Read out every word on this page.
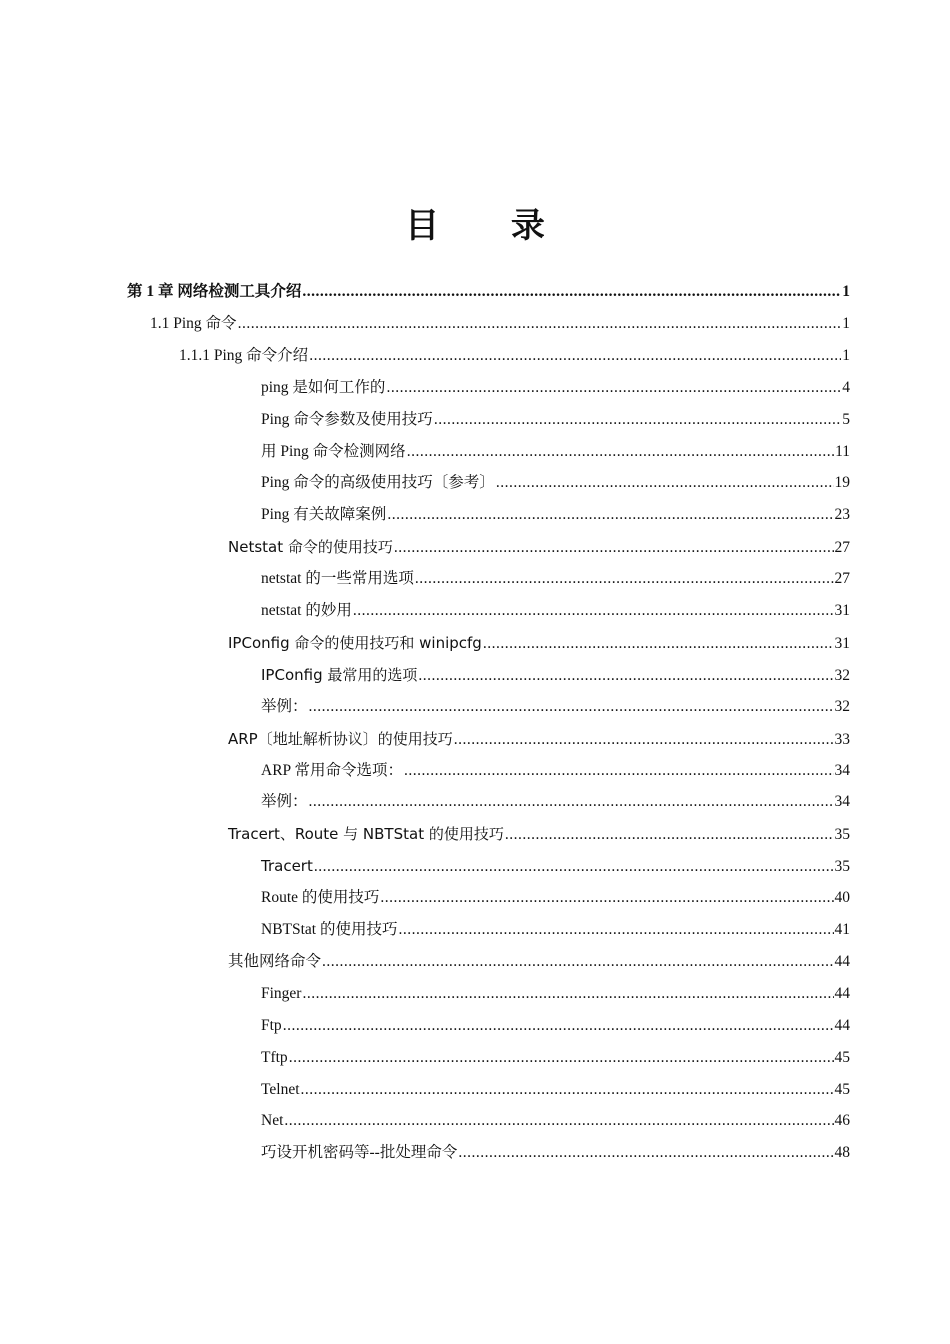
目 录
第 1 章 网络检测工具介绍 .....	1
1.1 Ping 命令 .....	1
1.1.1 Ping 命令介绍 .....	1
ping 是如何工作的 .....	4
Ping 命令参数及使用技巧 .....	5
用 Ping 命令检测网络 .....	11
Ping 命令的高级使用技巧〔参考〕 .....	19
Ping 有关故障案例 .....	23
Netstat 命令的使用技巧 .....	27
netstat 的一些常用选项 .....	27
netstat 的妙用 .....	31
IPConfig 命令的使用技巧和 winipcfg .....	31
IPConfig 最常用的选项 .....	32
举例： .....	32
ARP〔地址解析协议〕的使用技巧 .....	33
ARP 常用命令选项： .....	34
举例： .....	34
Tracert、Route 与 NBTStat 的使用技巧 .....	35
Tracert .....	35
Route 的使用技巧 .....	40
NBTStat 的使用技巧 .....	41
其他网络命令 .....	44
Finger .....	44
Ftp .....	44
Tftp .....	45
Telnet .....	45
Net .....	46
巧设开机密码等--批处理命令 .....	48
